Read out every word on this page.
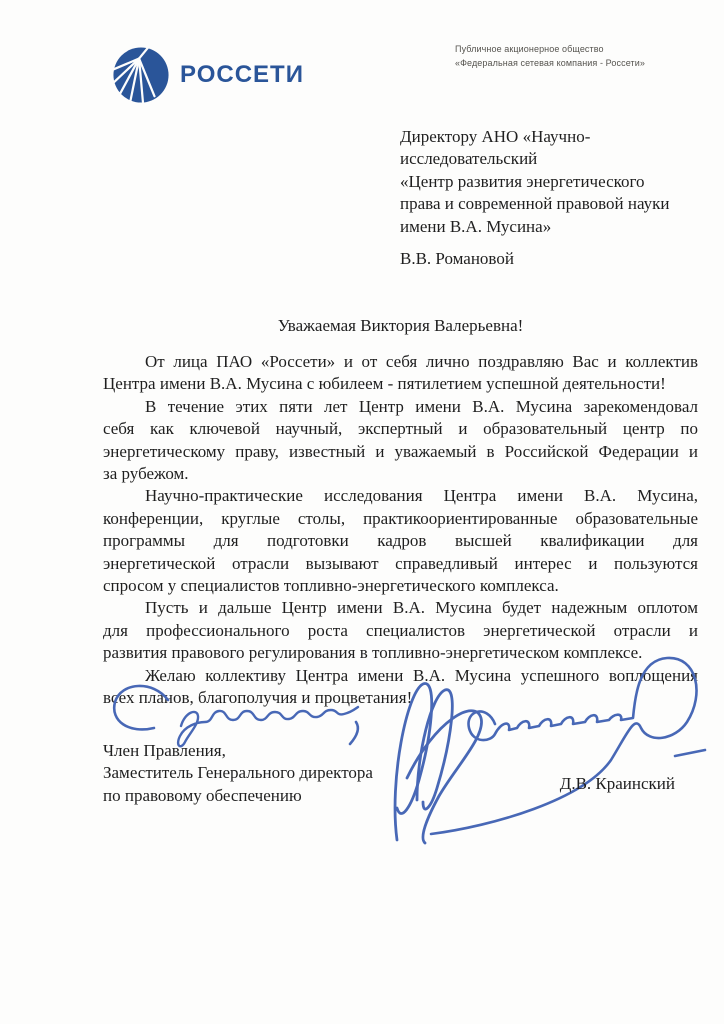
РОССЕТИ
Публичное акционерное общество
«Федеральная сетевая компания - Россети»
Директору АНО «Научно-
исследовательский
«Центр развития энергетического
права и современной правовой науки
имени В.А. Мусина»
В.В. Романовой
Уважаемая Виктория Валерьевна!

От лица ПАО «Россети» и от себя лично поздравляю Вас и коллектив
Центра имени В.А. Мусина с юбилеем - пятилетием успешной деятельности!

В течение этих пяти лет Центр имени В.А. Мусина зарекомендовал
себя как ключевой научный, экспертный и образовательный центр по
энергетическому праву, известный и уважаемый в Российской Федерации и
за рубежом.

Научно-практические исследования Центра имени В.А. Мусина,
конференции, круглые столы, практикоориентированные образовательные
программы для подготовки кадров высшей квалификации для
энергетической отрасли вызывают справедливый интерес и пользуются
спросом у специалистов топливно-энергетического комплекса.

Пусть и дальше Центр имени В.А. Мусина будет надежным оплотом
для профессионального роста специалистов энергетической отрасли и
развития правового регулирования в топливно-энергетическом комплексе.

Желаю коллективу Центра имени В.А. Мусина успешного воплощения
всех планов, благополучия и процветания!

Член Правления,
Заместитель Генерального директора
по правовому обеспечению
Д.В. Краинский
